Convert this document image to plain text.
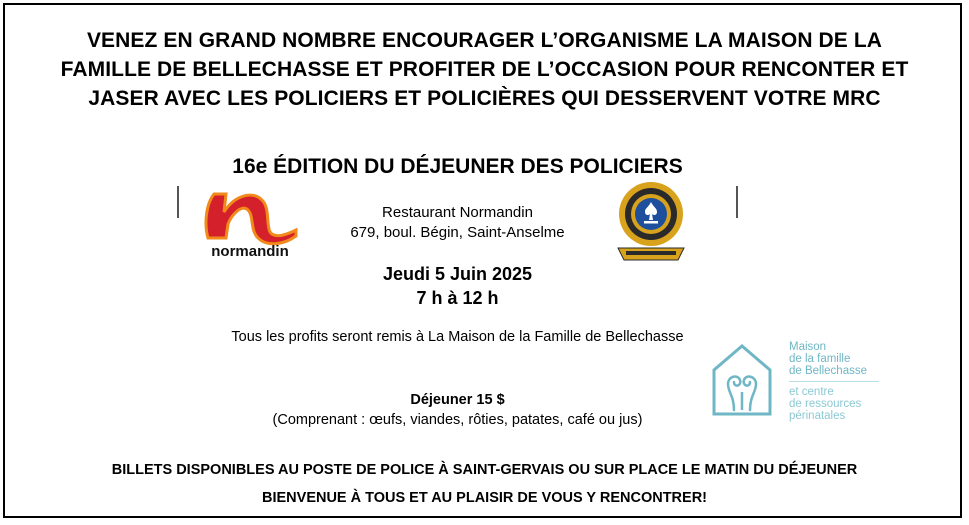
VENEZ EN GRAND NOMBRE ENCOURAGER L’ORGANISME LA MAISON DE LA
FAMILLE DE BELLECHASSE ET PROFITER DE L’OCCASION POUR RENCONTER ET
JASER AVEC LES POLICIERS ET POLICIÈRES QUI DESSERVENT VOTRE MRC
16e ÉDITION DU DÉJEUNER DES POLICIERS
normandin
Restaurant Normandin
679, boul. Bégin, Saint-Anselme
Jeudi 5 Juin 2025
7 h à 12 h
Tous les profits seront remis à La Maison de la Famille de Bellechasse
Déjeuner 15 $
(Comprenant : œufs, viandes, rôties, patates, café ou jus)
Maison
de la famille
de Bellechasse
et centre
de ressources
périnatales
BILLETS DISPONIBLES AU POSTE DE POLICE À SAINT-GERVAIS OU SUR PLACE LE MATIN DU DÉJEUNER
BIENVENUE À TOUS ET AU PLAISIR DE VOUS Y RENCONTRER!
